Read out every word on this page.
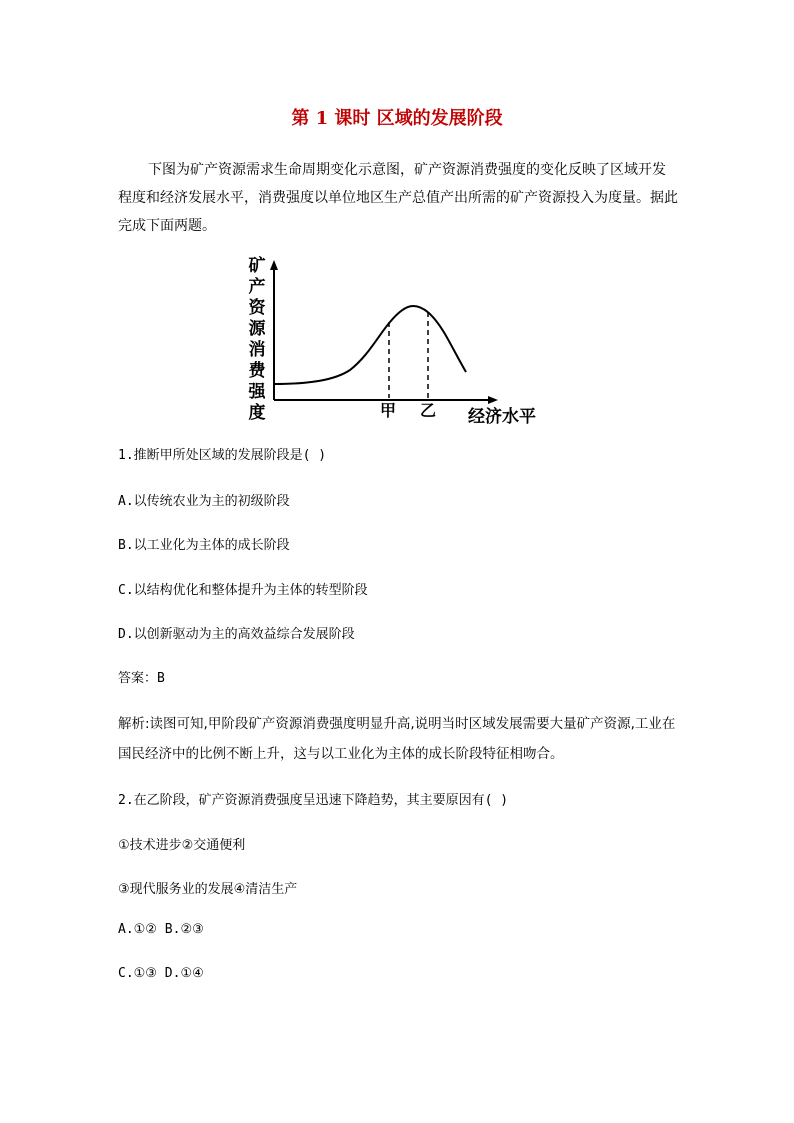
第 1 课时 区域的发展阶段
下图为矿产资源需求生命周期变化示意图，矿产资源消费强度的变化反映了区域开发程度和经济发展水平，消费强度以单位地区生产总值产出所需的矿产资源投入为度量。据此完成下面两题。
矿产资源消费强度	甲 乙 经济水平
1.推断甲所处区域的发展阶段是( )
A.以传统农业为主的初级阶段
B.以工业化为主体的成长阶段
C.以结构优化和整体提升为主体的转型阶段
D.以创新驱动为主的高效益综合发展阶段
答案：B
解析:读图可知,甲阶段矿产资源消费强度明显升高,说明当时区域发展需要大量矿产资源,工业在国民经济中的比例不断上升，这与以工业化为主体的成长阶段特征相吻合。
2.在乙阶段，矿产资源消费强度呈迅速下降趋势，其主要原因有( )
①技术进步②交通便利
③现代服务业的发展④清洁生产
A.①② B.②③
C.①③ D.①④
